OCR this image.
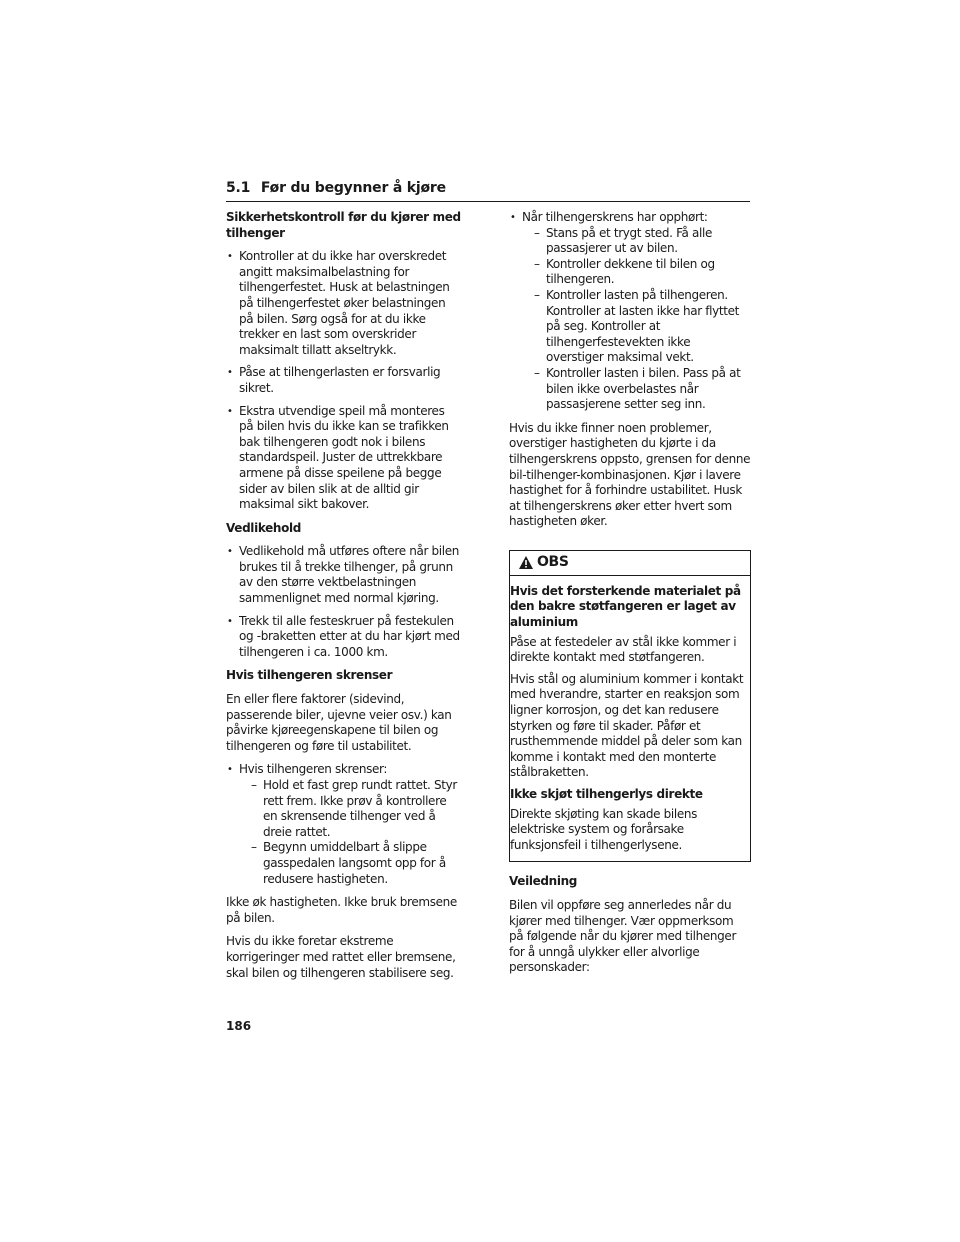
5.1 Før du begynner å kjøre
Sikkerhetskontroll før du kjører med tilhenger
• Kontroller at du ikke har overskredet angitt maksimalbelastning for tilhengerfestet. Husk at belastningen på tilhengerfestet øker belastningen på bilen. Sørg også for at du ikke trekker en last som overskrider maksimalt tillatt akseltrykk.
• Påse at tilhengerlasten er forsvarlig sikret.
• Ekstra utvendige speil må monteres på bilen hvis du ikke kan se trafikken bak tilhengeren godt nok i bilens standardspeil. Juster de uttrekkbare armene på disse speilene på begge sider av bilen slik at de alltid gir maksimal sikt bakover.
Vedlikehold
• Vedlikehold må utføres oftere når bilen brukes til å trekke tilhenger, på grunn av den større vektbelastningen sammenlignet med normal kjøring.
• Trekk til alle festeskruer på festekulen og -braketten etter at du har kjørt med tilhengeren i ca. 1000 km.
Hvis tilhengeren skrenser

En eller flere faktorer (sidevind, passerende biler, ujevne veier osv.) kan påvirke kjøreegenskapene til bilen og tilhengeren og føre til ustabilitet.

• Hvis tilhengeren skrenser:
– Hold et fast grep rundt rattet. Styr rett frem. Ikke prøv å kontrollere en skrensende tilhenger ved å dreie rattet.
– Begynn umiddelbart å slippe gasspedalen langsomt opp for å redusere hastigheten.

Ikke øk hastigheten. Ikke bruk bremsene på bilen.

Hvis du ikke foretar ekstreme korrigeringer med rattet eller bremsene, skal bilen og tilhengeren stabilisere seg.

• Når tilhengerskrens har opphørt:
– Stans på et trygt sted. Få alle passasjerer ut av bilen.
– Kontroller dekkene til bilen og tilhengeren.
– Kontroller lasten på tilhengeren. Kontroller at lasten ikke har flyttet på seg. Kontroller at tilhengerfestevekten ikke overstiger maksimal vekt.
– Kontroller lasten i bilen. Pass på at bilen ikke overbelastes når passasjerene setter seg inn.

Hvis du ikke finner noen problemer, overstiger hastigheten du kjørte i da tilhengerskrens oppsto, grensen for denne bil-tilhenger-kombinasjonen. Kjør i lavere hastighet for å forhindre ustabilitet. Husk at tilhengerskrens øker etter hvert som hastigheten øker.

OBS
Hvis det forsterkende materialet på den bakre støtfangeren er laget av aluminium

Påse at festedeler av stål ikke kommer i direkte kontakt med støtfangeren.

Hvis stål og aluminium kommer i kontakt med hverandre, starter en reaksjon som ligner korrosjon, og det kan redusere styrken og føre til skader. Påfør et rusthemmende middel på deler som kan komme i kontakt med den monterte stålbraketten.

Ikke skjøt tilhengerlys direkte

Direkte skjøting kan skade bilens elektriske system og forårsake funksjonsfeil i tilhengerlysene.

Veiledning

Bilen vil oppføre seg annerledes når du kjører med tilhenger. Vær oppmerksom på følgende når du kjører med tilhenger for å unngå ulykker eller alvorlige personskader:

186
